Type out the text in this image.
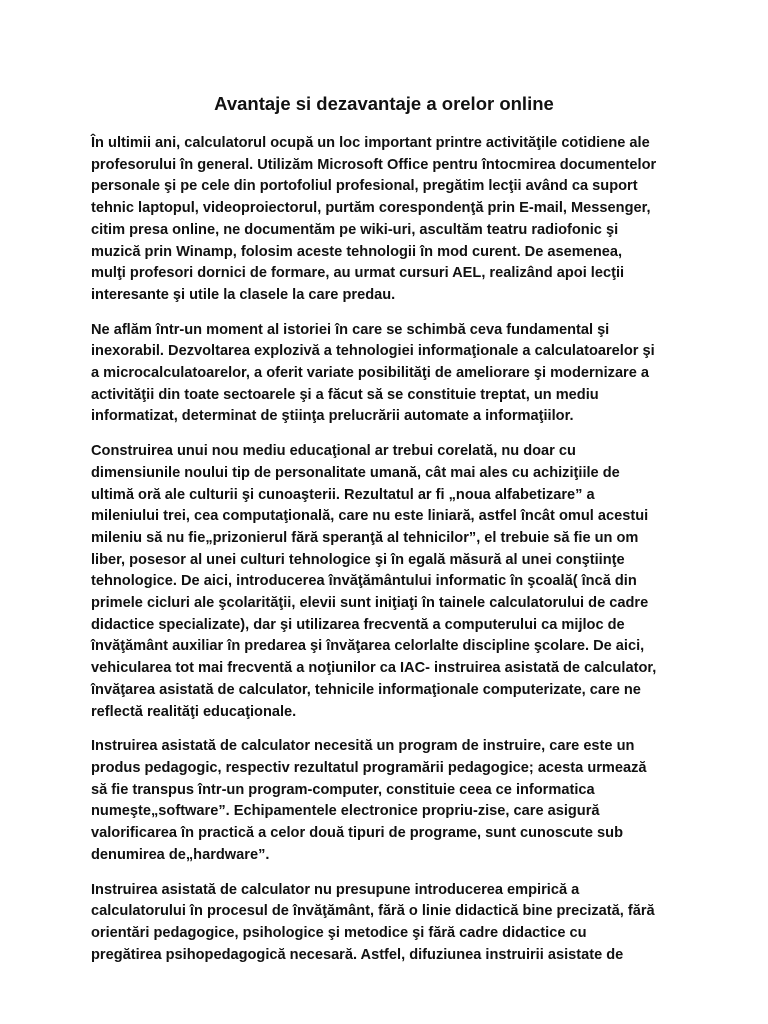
Avantaje si dezavantaje a orelor online
În ultimii ani, calculatorul ocupă un loc important printre activităţile cotidiene ale
profesorului în general. Utilizăm Microsoft Office pentru întocmirea documentelor
personale şi pe cele din portofoliul profesional, pregătim lecţii având ca suport
tehnic laptopul, videoproiectorul, purtăm corespondenţă prin E-mail, Messenger,
citim presa online, ne documentăm pe wiki-uri, ascultăm teatru radiofonic şi
muzică prin Winamp, folosim aceste tehnologii în mod curent. De asemenea,
mulţi profesori dornici de formare, au urmat cursuri AEL, realizând apoi lecţii
interesante şi utile la clasele la care predau.
Ne aflăm într-un moment al istoriei în care se schimbă ceva fundamental şi
inexorabil. Dezvoltarea explozivă a tehnologiei informaţionale a calculatoarelor şi
a microcalculatoarelor, a oferit variate posibilităţi de ameliorare şi modernizare a
activităţii din toate sectoarele şi a făcut să se constituie treptat, un mediu
informatizat, determinat de ştiinţa prelucrării automate a informaţiilor.
Construirea unui nou mediu educaţional ar trebui corelată, nu doar cu
dimensiunile noului tip de personalitate umană, cât mai ales cu achiziţiile de
ultimă oră ale culturii şi cunoaşterii. Rezultatul ar fi „noua alfabetizare” a
mileniului trei, cea computaţională, care nu este liniară, astfel încât omul acestui
mileniu să nu fie„prizonierul fără speranţă al tehnicilor”, el trebuie să fie un om
liber, posesor al unei culturi tehnologice şi în egală măsură al unei conştiinţe
tehnologice. De aici, introducerea învăţământului informatic în şcoală( încă din
primele cicluri ale şcolarităţii, elevii sunt iniţiaţi în tainele calculatorului de cadre
didactice specializate), dar şi utilizarea frecventă a computerului ca mijloc de
învăţământ auxiliar în predarea şi învăţarea celorlalte discipline şcolare. De aici,
vehicularea tot mai frecventă a noţiunilor ca IAC- instruirea asistată de calculator,
învăţarea asistată de calculator, tehnicile informaţionale computerizate, care ne
reflectă realităţi educaţionale.
Instruirea asistată de calculator necesită un program de instruire, care este un
produs pedagogic, respectiv rezultatul programării pedagogice; acesta urmează
să fie transpus într-un program-computer, constituie ceea ce informatica
numeşte„software”. Echipamentele electronice propriu-zise, care asigură
valorificarea în practică a celor două tipuri de programe, sunt cunoscute sub
denumirea de„hardware”.
Instruirea asistată de calculator nu presupune introducerea empirică a
calculatorului în procesul de învăţământ, fără o linie didactică bine precizată, fără
orientări pedagogice, psihologice şi metodice şi fără cadre didactice cu
pregătirea psihopedagogică necesară. Astfel, difuziunea instruirii asistate de
